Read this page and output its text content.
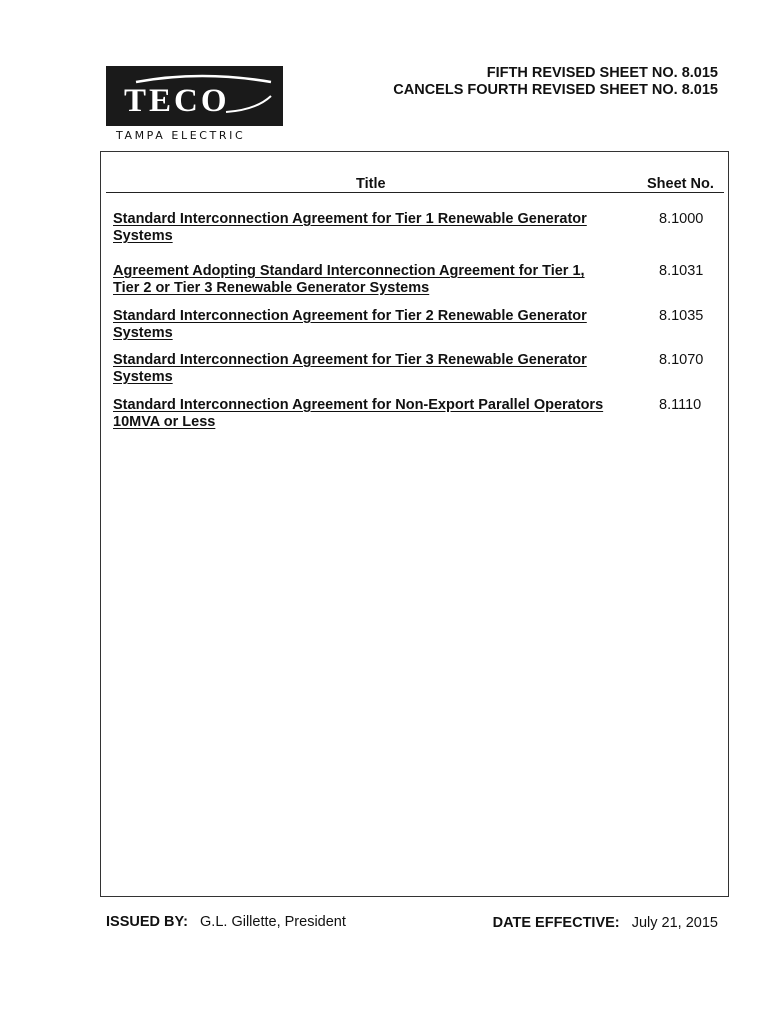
TECO
TAMPA ELECTRIC
FIFTH REVISED SHEET NO. 8.015
CANCELS FOURTH REVISED SHEET NO. 8.015
Title	Sheet No.
Standard Interconnection Agreement for Tier 1 Renewable Generator
Systems
8.1000
Agreement Adopting Standard Interconnection Agreement for Tier 1,
Tier 2 or Tier 3 Renewable Generator Systems
8.1031
Standard Interconnection Agreement for Tier 2 Renewable Generator
Systems
8.1035
Standard Interconnection Agreement for Tier 3 Renewable Generator
Systems
8.1070
Standard Interconnection Agreement for Non-Export Parallel Operators
10MVA or Less
8.1110
ISSUED BY: G.L. Gillette, President	DATE EFFECTIVE: July 21, 2015
